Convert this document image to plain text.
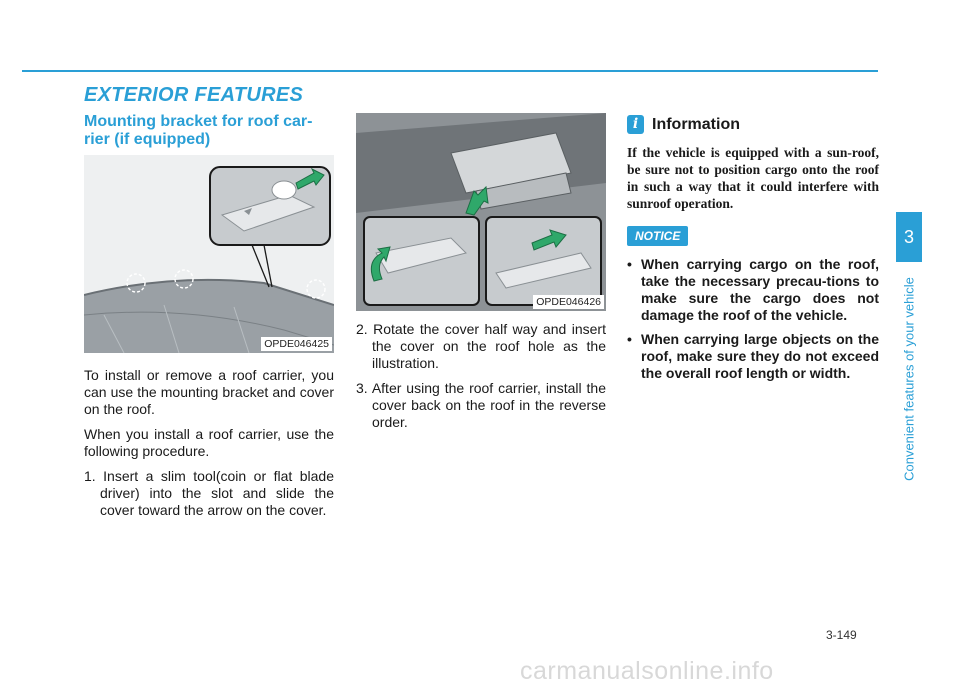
EXTERIOR FEATURES
Mounting bracket for roof car-rier (if equipped)
OPDE046425

To install or remove a roof carrier, you can use the mounting bracket and cover on the roof.

When you install a roof carrier, use the following procedure.

1. Insert a slim tool(coin or flat blade driver) into the slot and slide the cover toward the arrow on the cover.
OPDE046426
2. Rotate the cover half way and insert the cover on the roof hole as the illustration.
3. After using the roof carrier, install the cover back on the roof in the reverse order.
i Information

If the vehicle is equipped with a sun-roof, be sure not to position cargo onto the roof in such a way that it could interfere with sunroof operation.

NOTICE
• When carrying cargo on the roof, take the necessary precau-tions to make sure the cargo does not damage the roof of the vehicle.
• When carrying large objects on the roof, make sure they do not exceed the overall roof length or width.
3
Convenient features of your vehicle
3-149
carmanualsonline.info
